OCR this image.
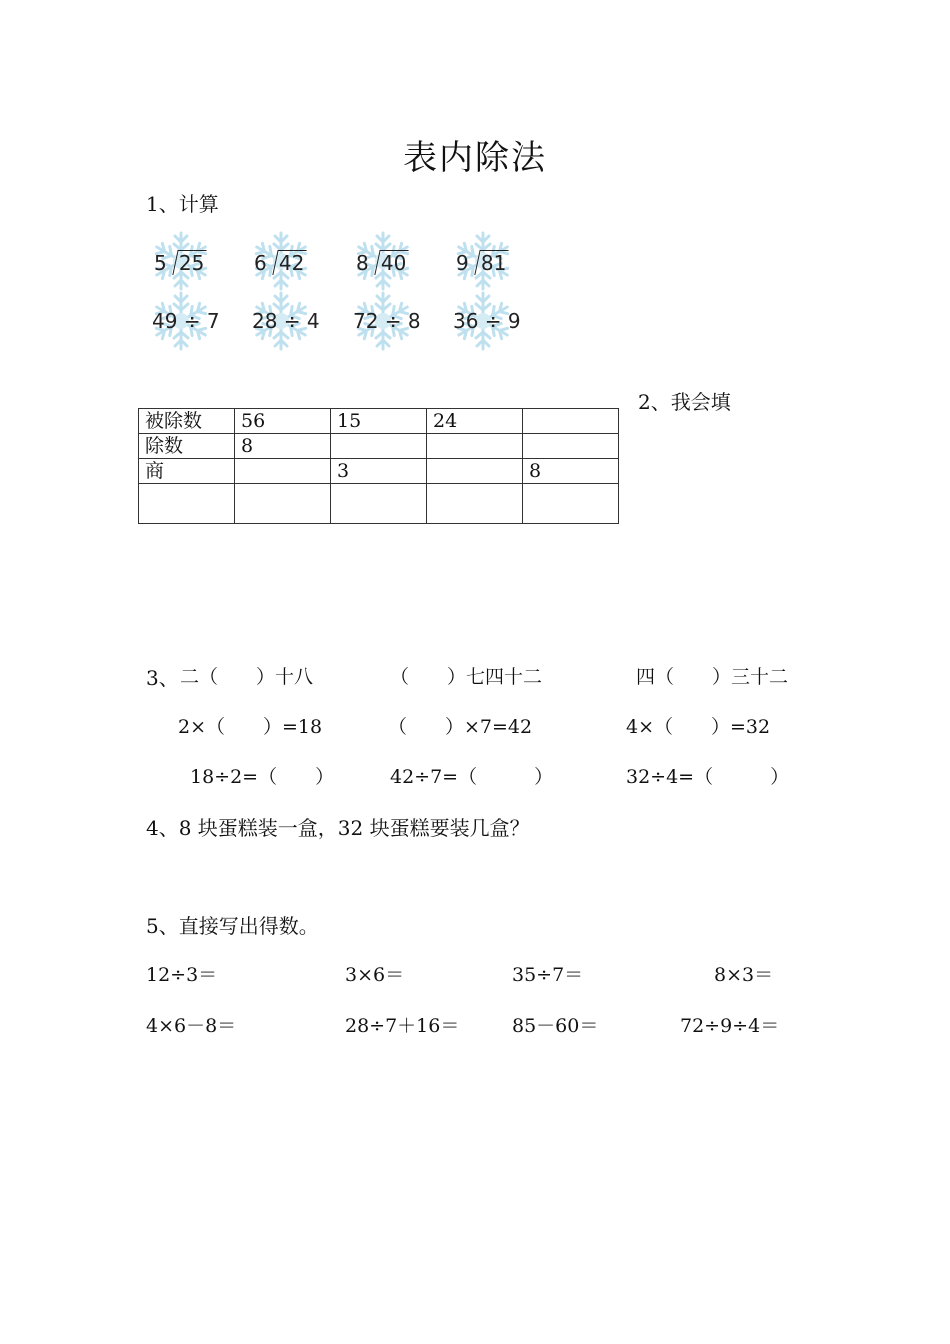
表内除法
1、计算
5 25 6 42	8 40 9 81
49 ÷ 7 28 ÷ 4 72 ÷ 8 36 ÷ 9
2、我会填
被除数	56	15	24	
除数	8			
商		3		8

3、 二（　　）十八	（　　）七四十二	四（　　）三十二
2×（　　）=18	（　　）×7=42	4×（　　）=32
18÷2=（　　）	42÷7=（　　　）	32÷4=（　　　）
4、8 块蛋糕装一盒，32 块蛋糕要装几盒？
5、直接写出得数。
12÷3＝	3×6＝	35÷7＝	8×3＝
4×6－8＝	28÷7＋16＝	85－60＝	72÷9÷4＝
